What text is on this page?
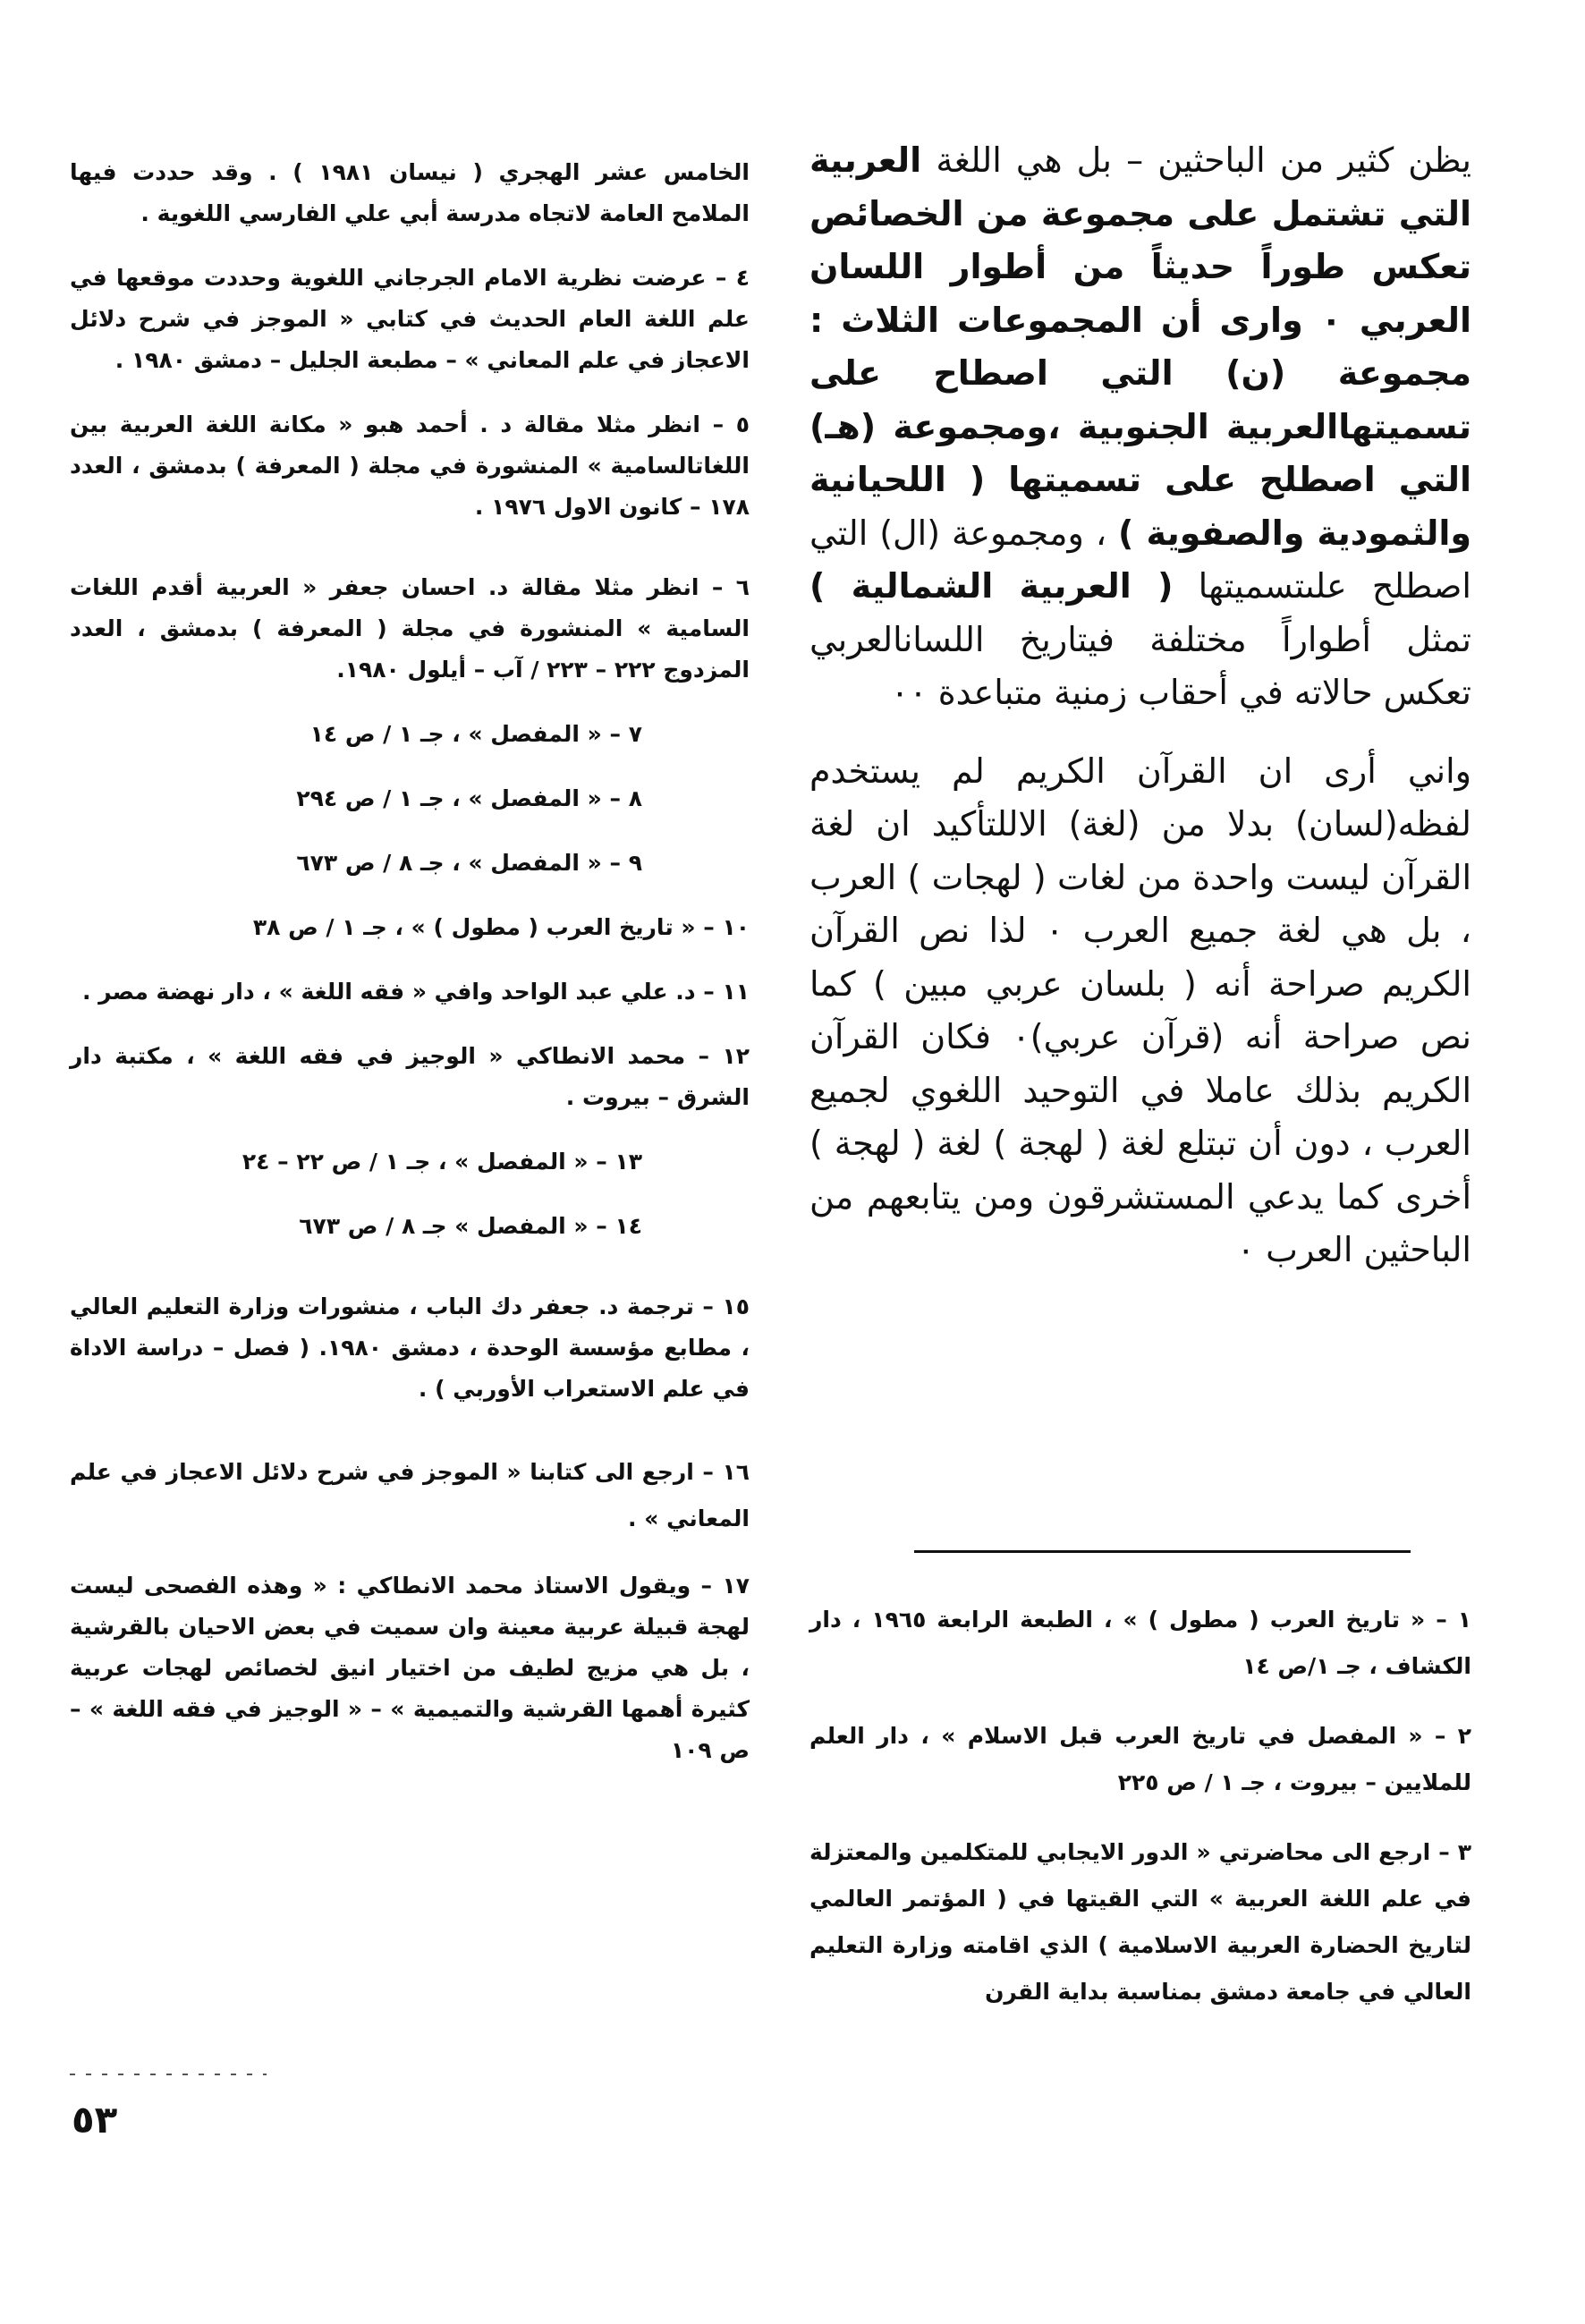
يظن كثير من الباحثين – بل هي اللغة العربية التي تشتمل على مجموعة من الخصائص تعكس طوراً حديثاً من أطوار اللسان العربي ٠ وارى أن المجموعات الثلاث : مجموعة (ن) التي اصطاح على تسميتهاالعربية الجنوبية ،ومجموعة (هـ) التي اصطلح على تسميتها ( اللحيانية والثمودية والصفوية ) ، ومجموعة (ال) التي اصطلح علىتسميتها ( العربية الشمالية ) تمثل أطواراً مختلفة فيتاريخ اللسانالعربي تعكس حالاته في أحقاب زمنية متباعدة ٠٠

واني أرى ان القرآن الكريم لم يستخدم لفظه(لسان) بدلا من (لغة) الاللتأكيد ان لغة القرآن ليست واحدة من لغات ( لهجات ) العرب ، بل هي لغة جميع العرب ٠ لذا نص القرآن الكريم صراحة أنه ( بلسان عربي مبين ) كما نص صراحة أنه (قرآن عربي)٠ فكان القرآن الكريم بذلك عاملا في التوحيد اللغوي لجميع العرب ، دون أن تبتلع لغة ( لهجة ) لغة ( لهجة ) أخرى كما يدعي المستشرقون ومن يتابعهم من الباحثين العرب ٠

١ – « تاريخ العرب ( مطول ) » ، الطبعة الرابعة ١٩٦٥ ، دار الكشاف ، جـ ١/ص ١٤

٢ – « المفصل في تاريخ العرب قبل الاسلام » ، دار العلم للملايين – بيروت ، جـ ١ / ص ٢٢٥

٣ – ارجع الى محاضرتي « الدور الايجابي للمتكلمين والمعتزلة في علم اللغة العربية » التي القيتها في ( المؤتمر العالمي لتاريخ الحضارة العربية الاسلامية ) الذي اقامته وزارة التعليم العالي في جامعة دمشق بمناسبة بداية القرن

الخامس عشر الهجري ( نيسان ١٩٨١ ) . وقد حددت فيها الملامح العامة لاتجاه مدرسة أبي علي الفارسي اللغوية .

٤ – عرضت نظرية الامام الجرجاني اللغوية وحددت موقعها في علم اللغة العام الحديث في كتابي « الموجز في شرح دلائل الاعجاز في علم المعاني » – مطبعة الجليل – دمشق ١٩٨٠ .

٥ – انظر مثلا مقالة د . أحمد هبو « مكانة اللغة العربية بين اللغاتالسامية » المنشورة في مجلة ( المعرفة ) بدمشق ، العدد ١٧٨ – كانون الاول ١٩٧٦ .

٦ – انظر مثلا مقالة د. احسان جعفر « العربية أقدم اللغات السامية » المنشورة في مجلة ( المعرفة ) بدمشق ، العدد المزدوج ٢٢٢ – ٢٢٣ / آب – أيلول ١٩٨٠.

٧ – « المفصل » ، جـ ١ / ص ١٤

٨ – « المفصل » ، جـ ١ / ص ٢٩٤

٩ – « المفصل » ، جـ ٨ / ص ٦٧٣

١٠ – « تاريخ العرب ( مطول ) » ، جـ ١ / ص ٣٨

١١ – د. علي عبد الواحد وافي « فقه اللغة » ، دار نهضة مصر .

١٢ – محمد الانطاكي « الوجيز في فقه اللغة » ، مكتبة دار الشرق – بيروت .

١٣ – « المفصل » ، جـ ١ / ص ٢٢ – ٢٤

١٤ – « المفصل » جـ ٨ / ص ٦٧٣

١٥ – ترجمة د. جعفر دك الباب ، منشورات وزارة التعليم العالي ، مطابع مؤسسة الوحدة ، دمشق ١٩٨٠. ( فصل – دراسة الاداة في علم الاستعراب الأوربي ) .

١٦ – ارجع الى كتابنا « الموجز في شرح دلائل الاعجاز في علم المعاني » .

١٧ – ويقول الاستاذ محمد الانطاكي : « وهذه الفصحى ليست لهجة قبيلة عربية معينة وان سميت في بعض الاحيان بالقرشية ، بل هي مزيج لطيف من اختيار انيق لخصائص لهجات عربية كثيرة أهمها القرشية والتميمية » – « الوجيز في فقه اللغة » – ص ١٠٩

٥٣
